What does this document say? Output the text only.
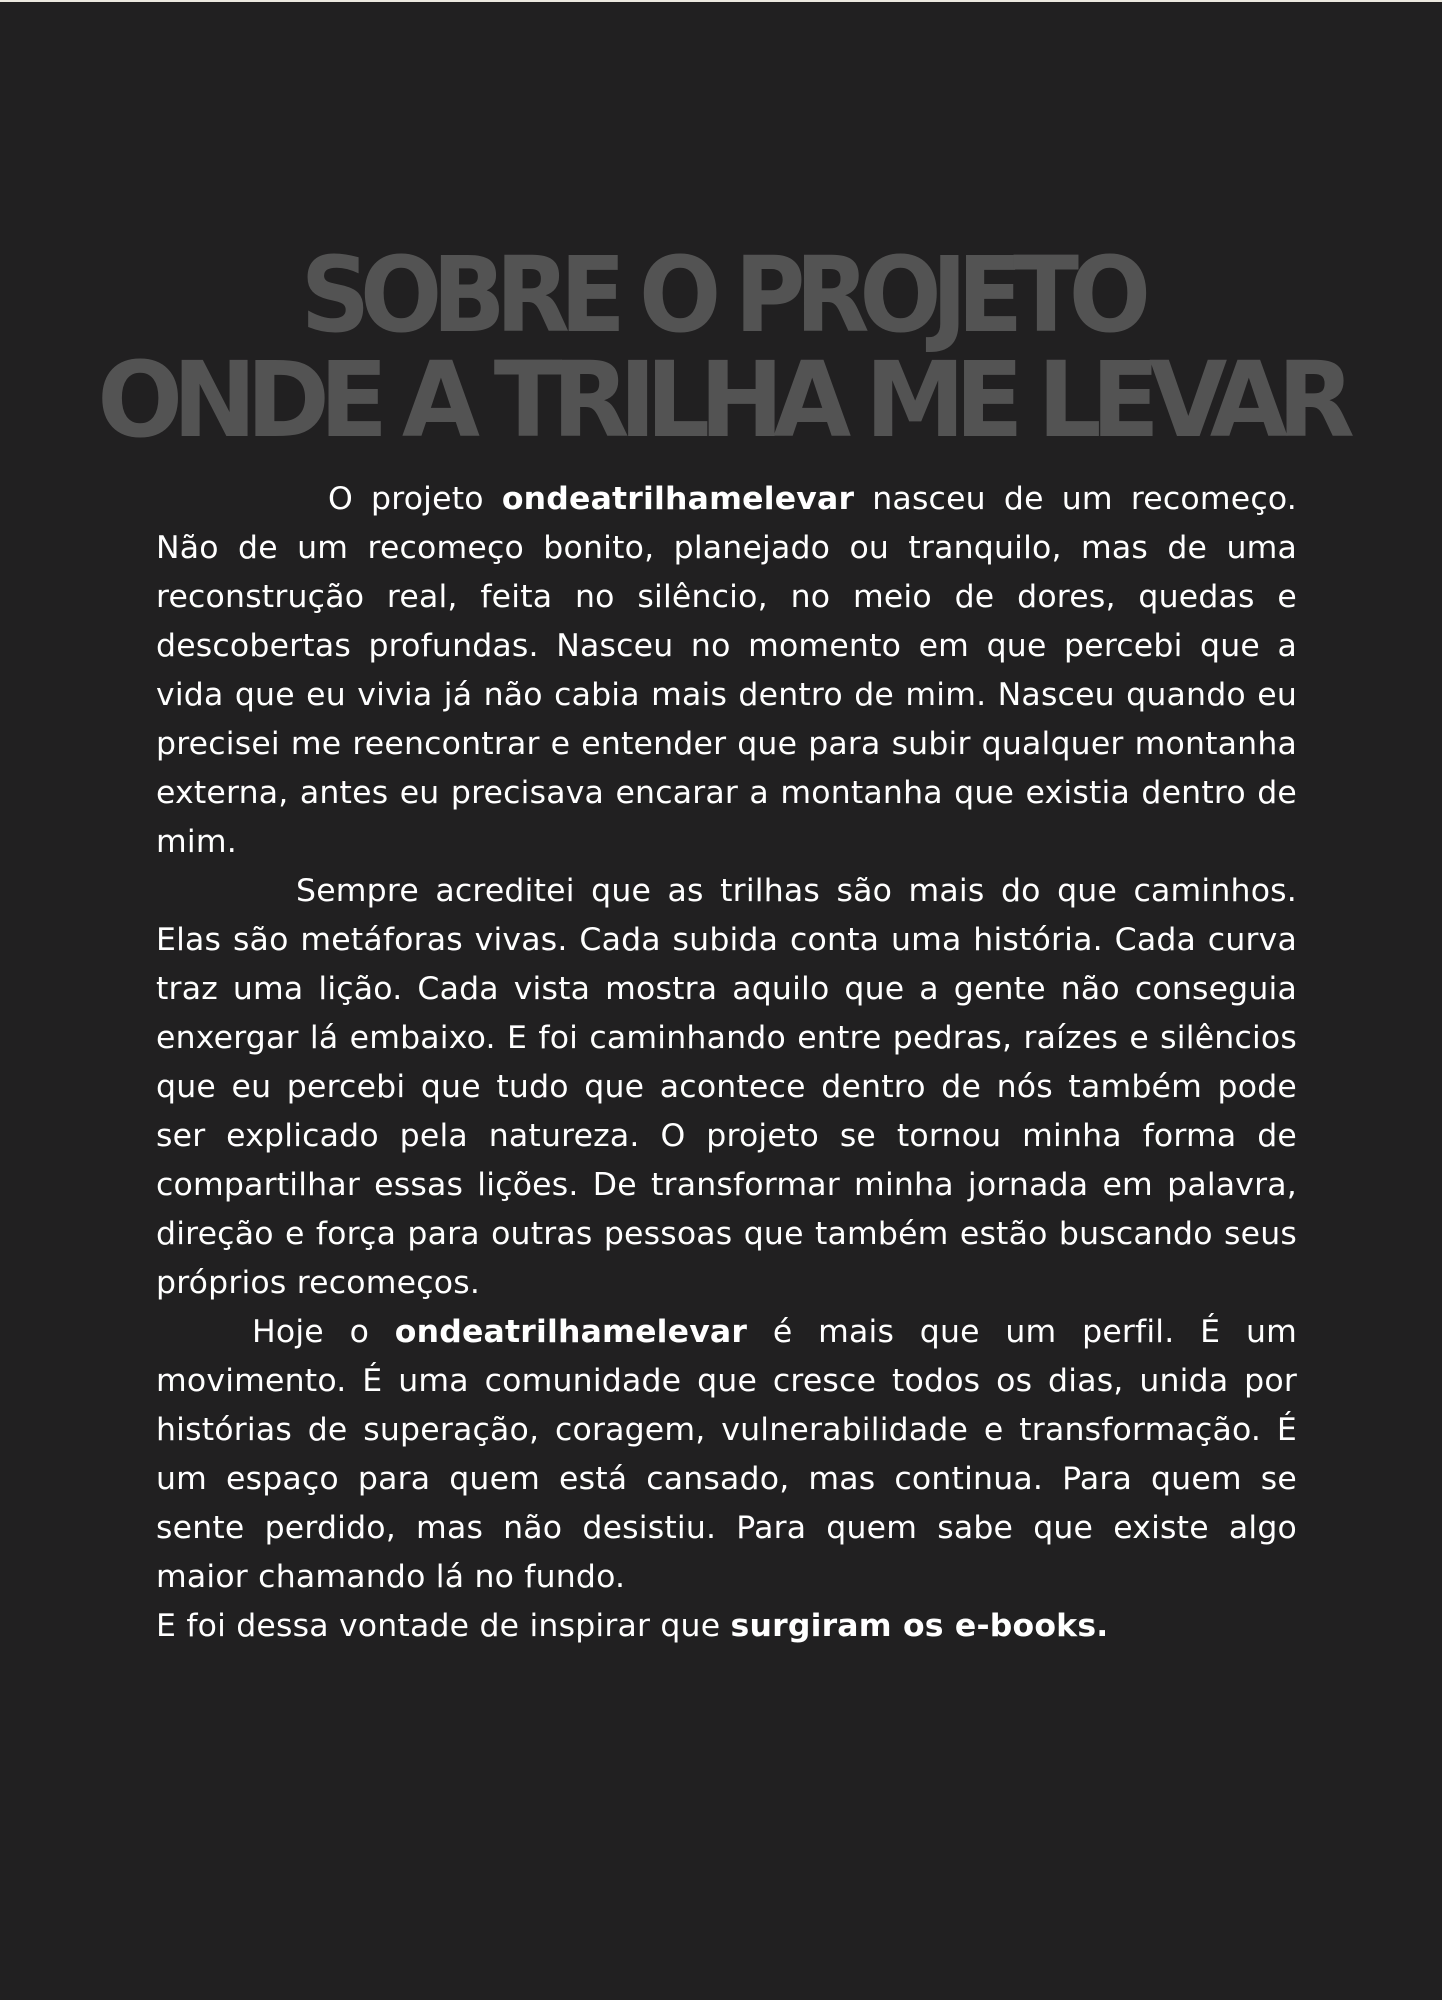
SOBRE O PROJETO
ONDE A TRILHA ME LEVAR

O projeto ondeatrilhamelevar nasceu de um recomeço. Não de um recomeço bonito, planejado ou tranquilo, mas de uma reconstrução real, feita no silêncio, no meio de dores, quedas e descobertas profundas. Nasceu no momento em que percebi que a vida que eu vivia já não cabia mais dentro de mim. Nasceu quando eu precisei me reencontrar e entender que para subir qualquer montanha externa, antes eu precisava encarar a montanha que existia dentro de mim.

Sempre acreditei que as trilhas são mais do que caminhos.    Elas são metáforas vivas. Cada subida conta uma história. Cada curva traz uma lição. Cada vista mostra aquilo que a gente não conseguia enxergar lá embaixo. E foi caminhando entre pedras, raízes e silêncios que eu percebi que tudo que acontece dentro de nós também pode ser explicado pela natureza. O projeto se tornou minha forma de compartilhar essas lições. De transformar minha jornada em palavra, direção e força para outras pessoas que também estão buscando seus próprios recomeços.

Hoje o ondeatrilhamelevar é mais que um perfil. É um movimento. É uma comunidade que cresce todos os dias, unida por histórias de superação, coragem, vulnerabilidade e transformação. É um espaço para quem está cansado, mas continua. Para quem se sente perdido, mas não desistiu. Para quem sabe que existe algo maior chamando lá no fundo.

E foi dessa vontade de inspirar que surgiram os e-books.
